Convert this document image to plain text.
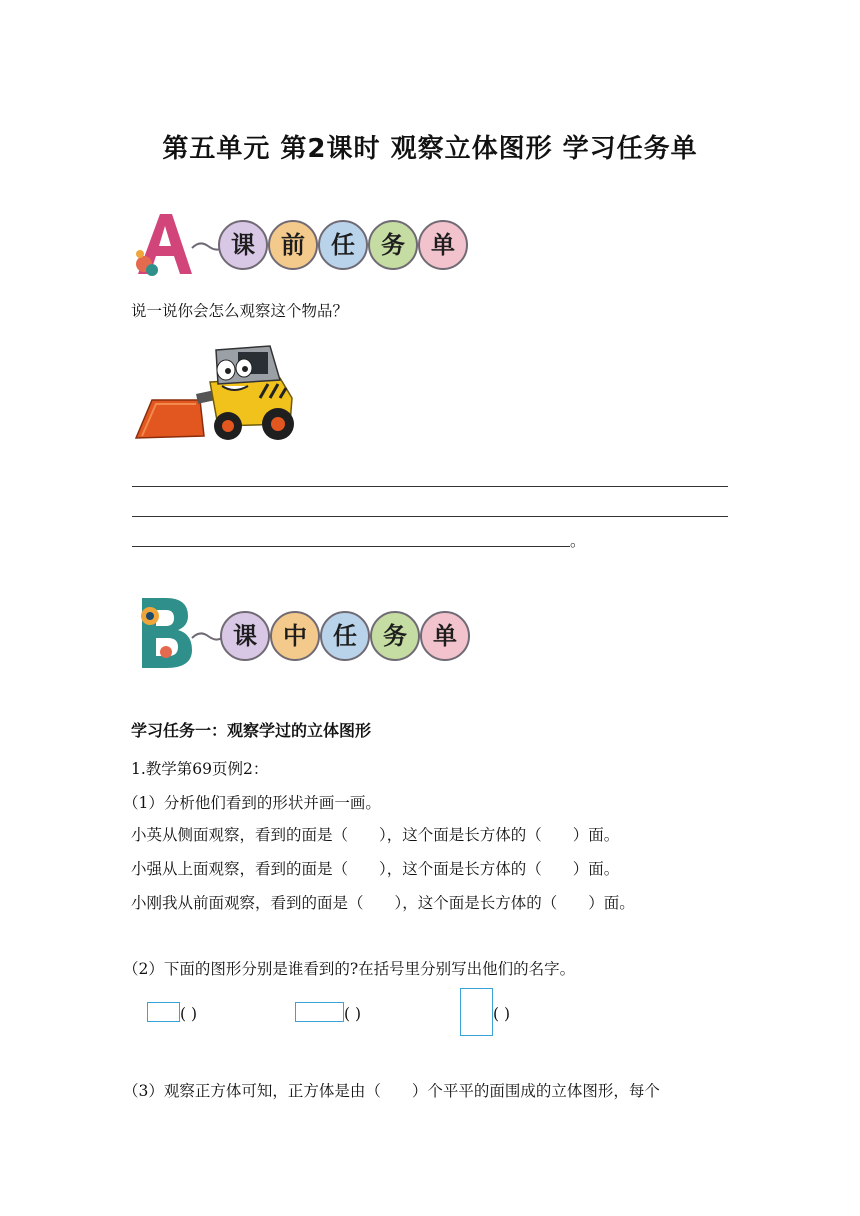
第五单元 第2课时 观察立体图形 学习任务单
课	前	任	务	单
说一说你会怎么观察这个物品？
。
课	中	任	务	单
学习任务一：观察学过的立体图形
1.教学第69页例2：
（1）分析他们看到的形状并画一画。
小英从侧面观察，看到的面是（　　），这个面是长方体的（　　）面。
小强从上面观察，看到的面是（　　），这个面是长方体的（　　）面。
小刚我从前面观察，看到的面是（　　），这个面是长方体的（　　）面。
（2）下面的图形分别是谁看到的?在括号里分别写出他们的名字。
( )	( )	( )
（3）观察正方体可知，正方体是由（　　）个平平的面围成的立体图形，每个
